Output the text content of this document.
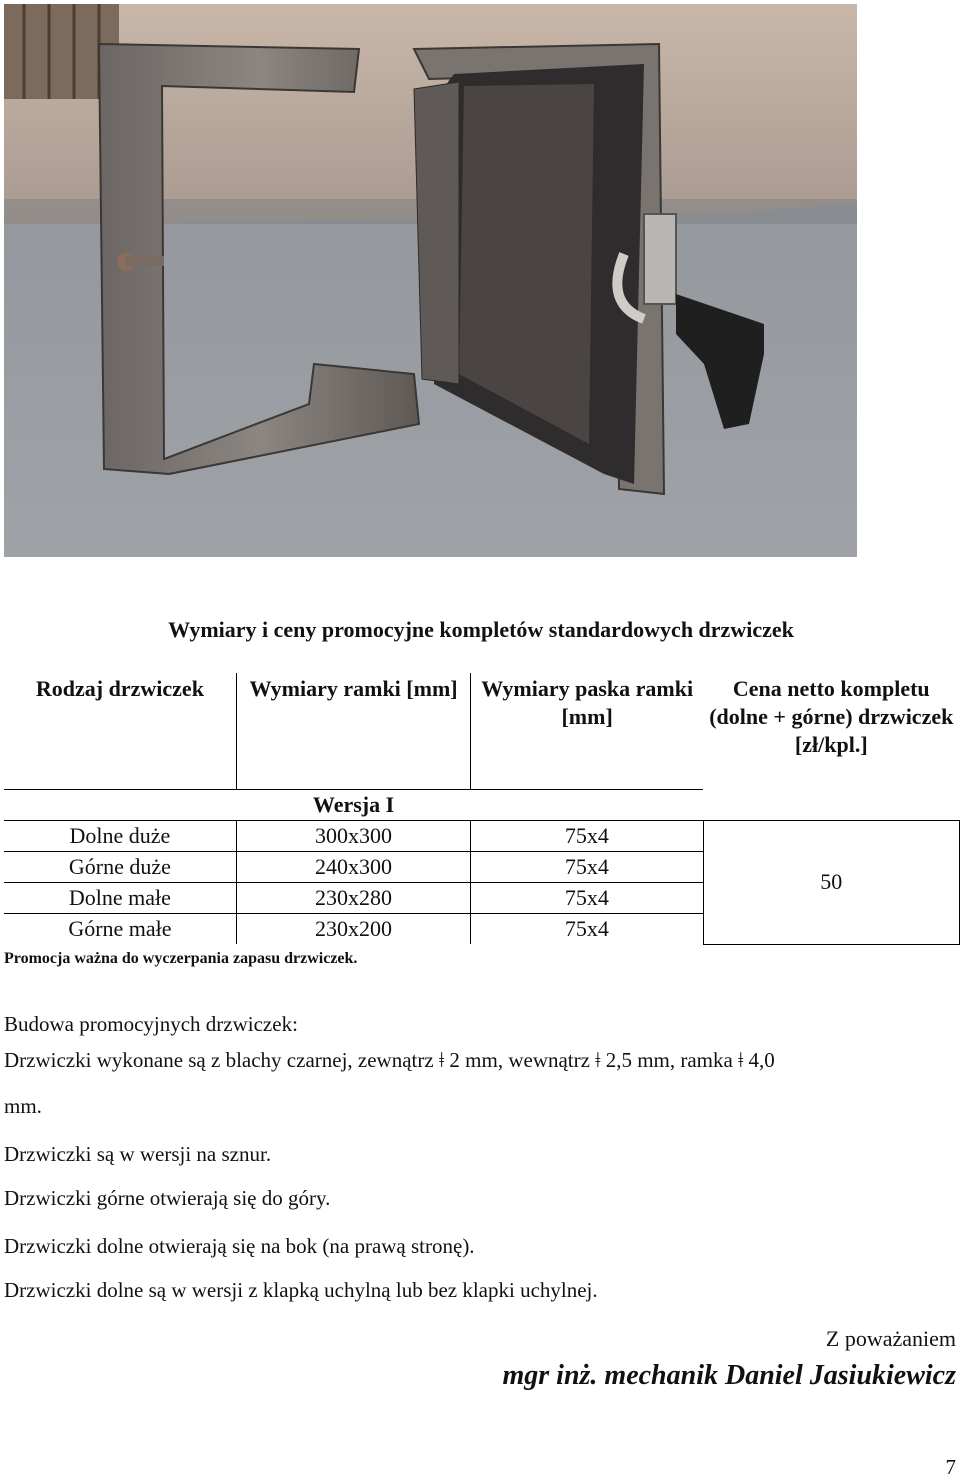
Wymiary i ceny promocyjne kompletów standardowych drzwiczek
Rodzaj drzwiczek	Wymiary ramki [mm]	Wymiary paska ramki [mm]	Cena netto kompletu (dolne + górne) drzwiczek [zł/kpl.]
Wersja I			
Dolne duże	300x300	75x4	50
Górne duże	240x300	75x4	
Dolne małe	230x280	75x4	
Górne małe	230x200	75x4	
Promocja ważna do wyczerpania zapasu drzwiczek.
Budowa promocyjnych drzwiczek:
Drzwiczki wykonane są z blachy czarnej, zewnątrz ǂ 2 mm, wewnątrz ǂ 2,5 mm, ramka ǂ 4,0
mm.
Drzwiczki są w wersji na sznur.
Drzwiczki górne otwierają się do góry.
Drzwiczki dolne otwierają się na bok (na prawą stronę).
Drzwiczki dolne są w wersji z klapką uchylną lub bez klapki uchylnej.
Z poważaniem
mgr inż. mechanik Daniel Jasiukiewicz
7
